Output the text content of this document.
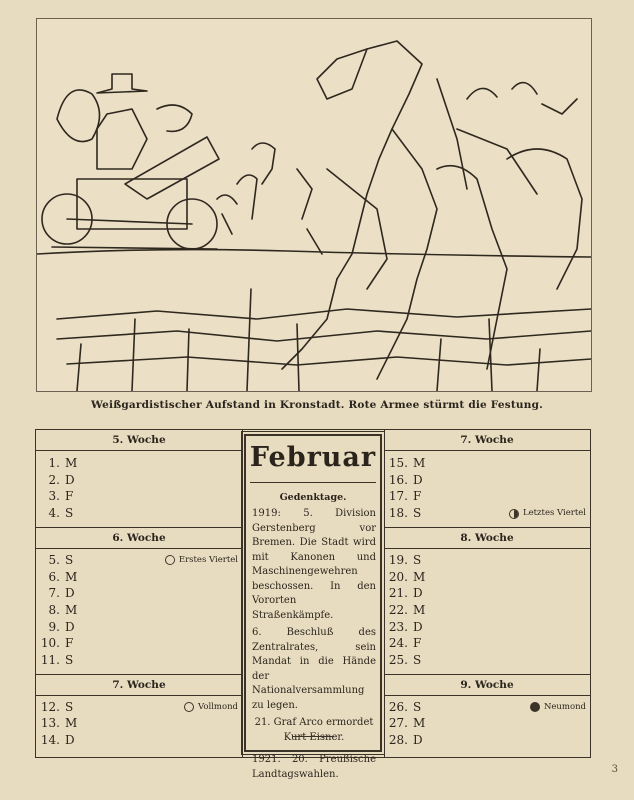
Weißgardistischer Aufstand in Kronstadt. Rote Armee stürmt die Festung.
5. Woche
1. M
2. D
3. F
4. S
6. Woche
5. S	Erstes Viertel
6. M
7. D
8. M
9. D
10. F
11. S
7. Woche
12. S	Vollmond
13. M
14. D
Februar
Gedenktage.

1919: 5. Division Gerstenberg vor Bremen. Die Stadt wird mit Kanonen und Maschinengewehren beschossen. In den Vororten Straßenkämpfe.

6. Beschluß des Zentralrates, sein Mandat in die Hände der Nationalversammlung zu legen.

21. Graf Arco ermordet Kurt Eisner.

1921. 20. Preußische Landtagswahlen.

7. Woche
15. M
16. D
17. F
18. S	Letztes Viertel
8. Woche
19. S
20. M
21. D
22. M
23. D
24. F
25. S
9. Woche
26. S	Neumond
27. M
28. D
3
